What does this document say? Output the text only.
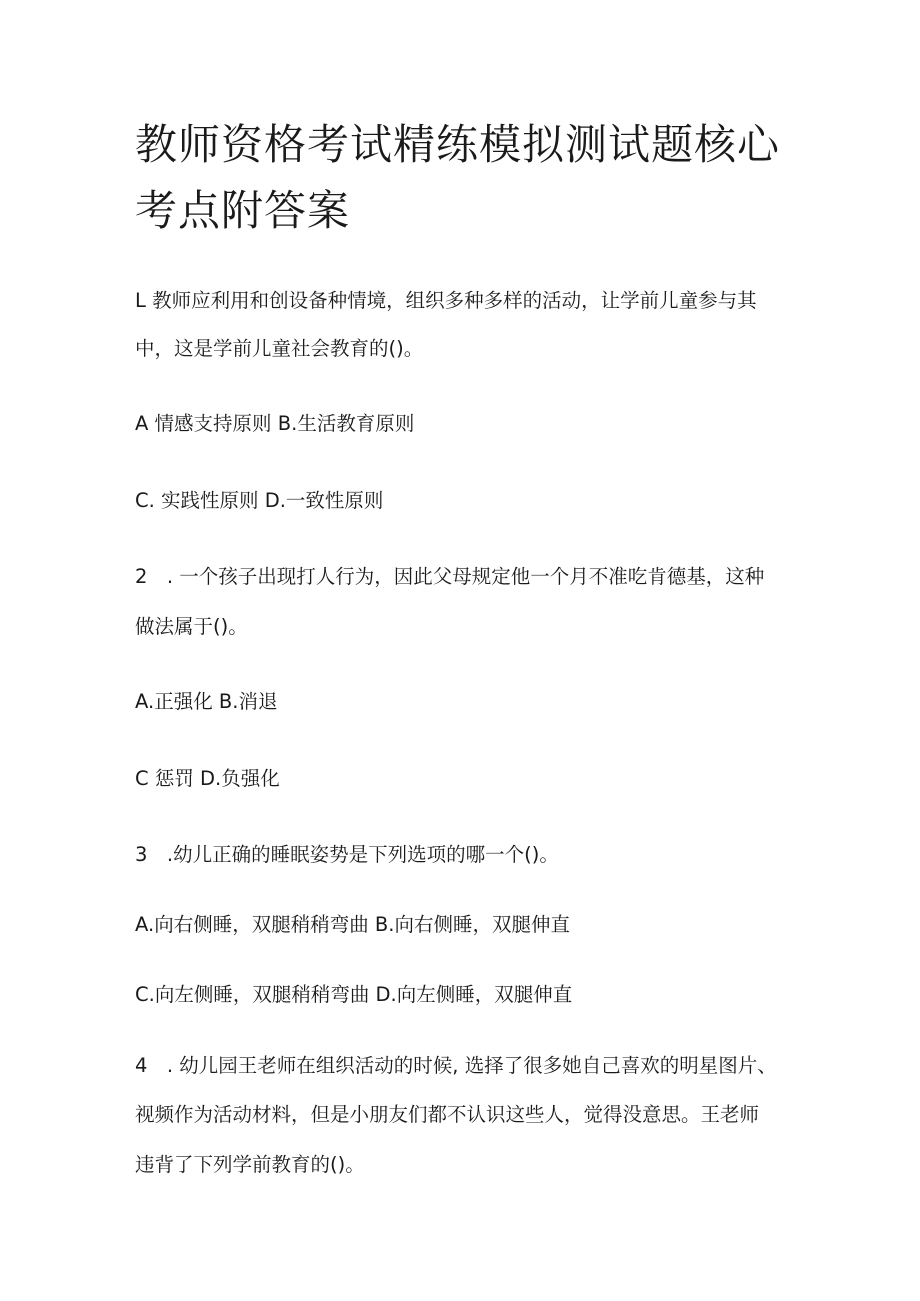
教师资格考试精练模拟测试题核心
考点附答案

L 教师应利用和创设备种情境，组织多种多样的活动，让学前儿童参与其

中，这是学前儿童社会教育的()。

A 情感支持原则 B.生活教育原则

C. 实践性原则 D.一致性原则

2　. 一个孩子出现打人行为，因此父母规定他一个月不准吃肯德基，这种

做法属于()。

A.正强化 B.消退

C 惩罚 D.负强化

3　.幼儿正确的睡眠姿势是下列选项的哪一个()。

A.向右侧睡，双腿稍稍弯曲 B.向右侧睡，双腿伸直

C.向左侧睡，双腿稍稍弯曲 D.向左侧睡，双腿伸直

4　. 幼儿园王老师在组织活动的时候, 选择了很多她自己喜欢的明星图片、

视频作为活动材料，但是小朋友们都不认识这些人，觉得没意思。王老师

违背了下列学前教育的()。
